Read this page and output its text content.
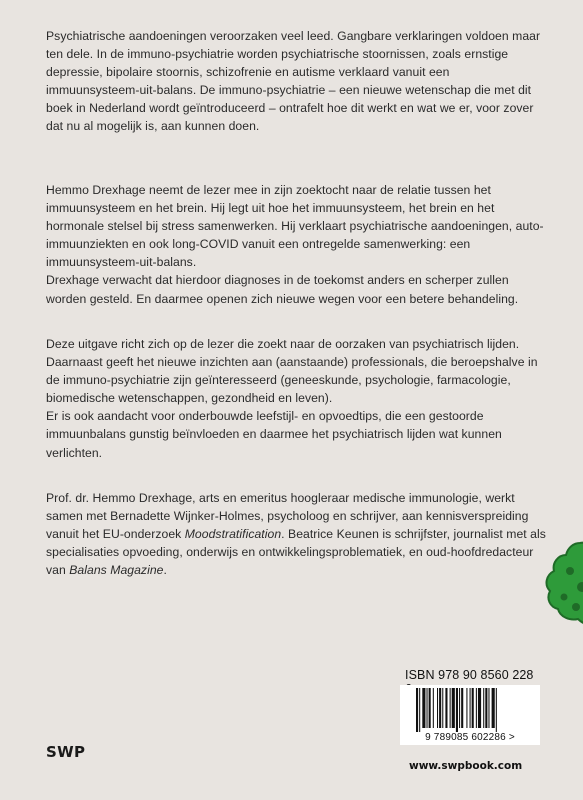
Psychiatrische aandoeningen veroorzaken veel leed. Gangbare verklaringen voldoen maar ten dele. In de immuno-psychiatrie worden psychiatrische stoornissen, zoals ernstige depressie, bipolaire stoornis, schizofrenie en autisme verklaard vanuit een immuunsysteem-uit-balans. De immuno-psychiatrie – een nieuwe wetenschap die met dit boek in Nederland wordt geïntroduceerd – ontrafelt hoe dit werkt en wat we er, voor zover dat nu al mogelijk is, aan kunnen doen.

Hemmo Drexhage neemt de lezer mee in zijn zoektocht naar de relatie tussen het immuunsysteem en het brein. Hij legt uit hoe het immuunsysteem, het brein en het hormonale stelsel bij stress samenwerken. Hij verklaart psychiatrische aandoeningen, auto-immuunziekten en ook long-COVID vanuit een ontregelde samenwerking: een immuunsysteem-uit-balans.

Drexhage verwacht dat hierdoor diagnoses in de toekomst anders en scherper zullen worden gesteld. En daarmee openen zich nieuwe wegen voor een betere behandeling.

Deze uitgave richt zich op de lezer die zoekt naar de oorzaken van psychiatrisch lijden. Daarnaast geeft het nieuwe inzichten aan (aanstaande) professionals, die beroepshalve in de immuno-psychiatrie zijn geïnteresseerd (geneeskunde, psychologie, farmacologie, biomedische wetenschappen, gezondheid en leven).

Er is ook aandacht voor onderbouwde leefstijl- en opvoedtips, die een gestoorde immuunbalans gunstig beïnvloeden en daarmee het psychiatrisch lijden wat kunnen verlichten.

Prof. dr. Hemmo Drexhage, arts en emeritus hoogleraar medische immunologie, werkt samen met Bernadette Wijnker-Holmes, psycholoog en schrijver, aan kennisverspreiding vanuit het EU-onderzoek Moodstratification. Beatrice Keunen is schrijfster, journalist met als specialisaties opvoeding, onderwijs en ontwikkelingsproblematiek, en oud-hoofdredacteur van Balans Magazine.

SWP
ISBN 978 90 8560 228
9 789085 602286 >
www.swpbook.com
